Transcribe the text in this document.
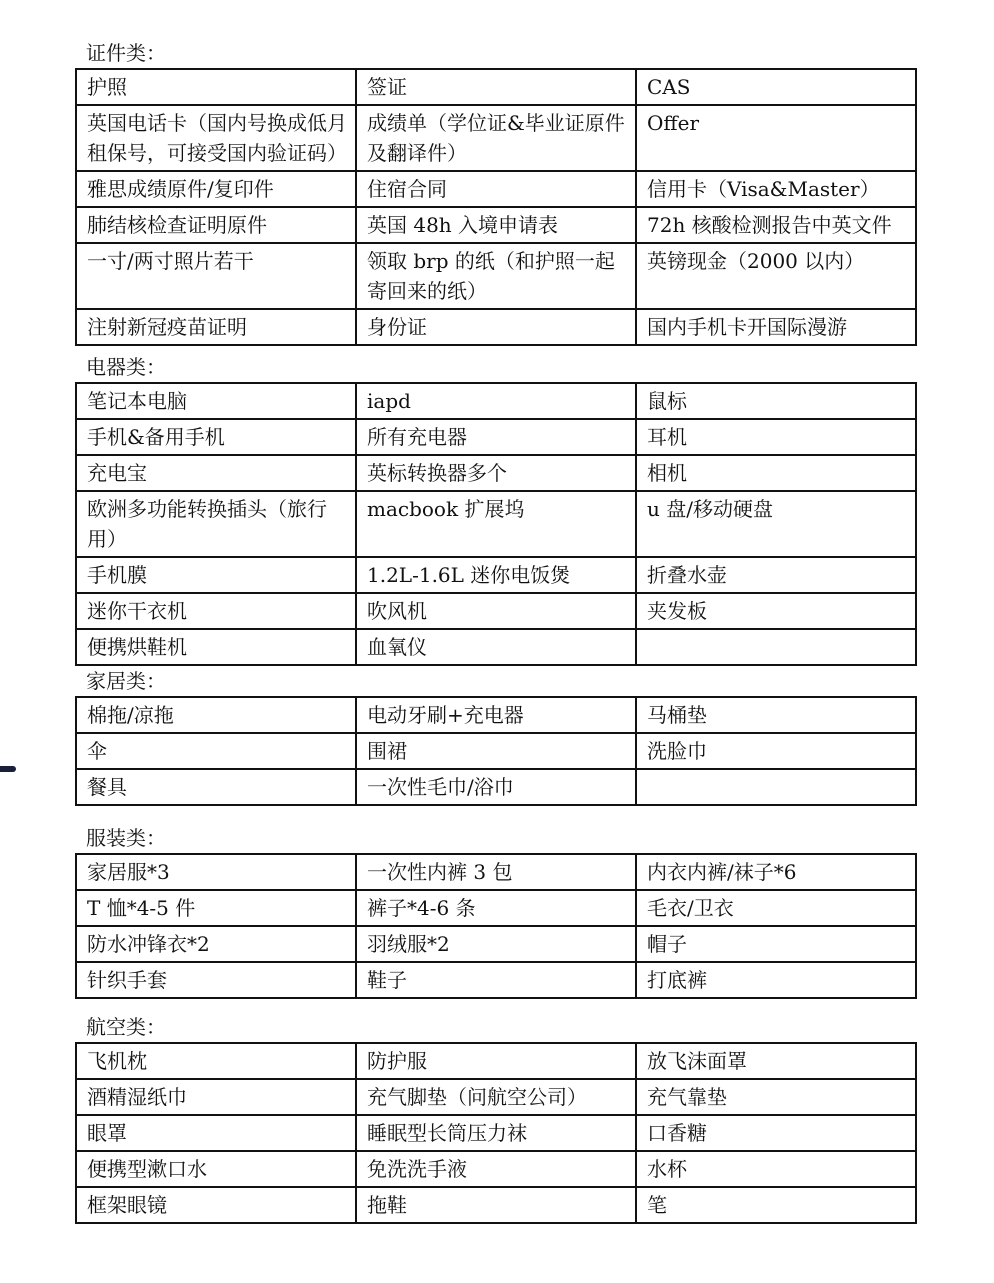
证件类：
护照	签证	CAS
英国电话卡（国内号换成低月租保号，可接受国内验证码）	成绩单（学位证&毕业证原件及翻译件）	Offer
雅思成绩原件/复印件	住宿合同	信用卡（Visa&Master）
肺结核检查证明原件	英国 48h 入境申请表	72h 核酸检测报告中英文件
一寸/两寸照片若干	领取 brp 的纸（和护照一起寄回来的纸）	英镑现金（2000 以内）
注射新冠疫苗证明	身份证	国内手机卡开国际漫游
电器类：
笔记本电脑	iapd	鼠标
手机&备用手机	所有充电器	耳机
充电宝	英标转换器多个	相机
欧洲多功能转换插头（旅行用）	macbook 扩展坞	u 盘/移动硬盘
手机膜	1.2L-1.6L 迷你电饭煲	折叠水壶
迷你干衣机	吹风机	夹发板
便携烘鞋机	血氧仪	
家居类：
棉拖/凉拖	电动牙刷+充电器	马桶垫
伞	围裙	洗脸巾
餐具	一次性毛巾/浴巾	
服装类：
家居服*3	一次性内裤 3 包	内衣内裤/袜子*6
T 恤*4-5 件	裤子*4-6 条	毛衣/卫衣
防水冲锋衣*2	羽绒服*2	帽子
针织手套	鞋子	打底裤
航空类：
飞机枕	防护服	放飞沫面罩
酒精湿纸巾	充气脚垫（问航空公司）	充气靠垫
眼罩	睡眠型长筒压力袜	口香糖
便携型漱口水	免洗洗手液	水杯
框架眼镜	拖鞋	笔
